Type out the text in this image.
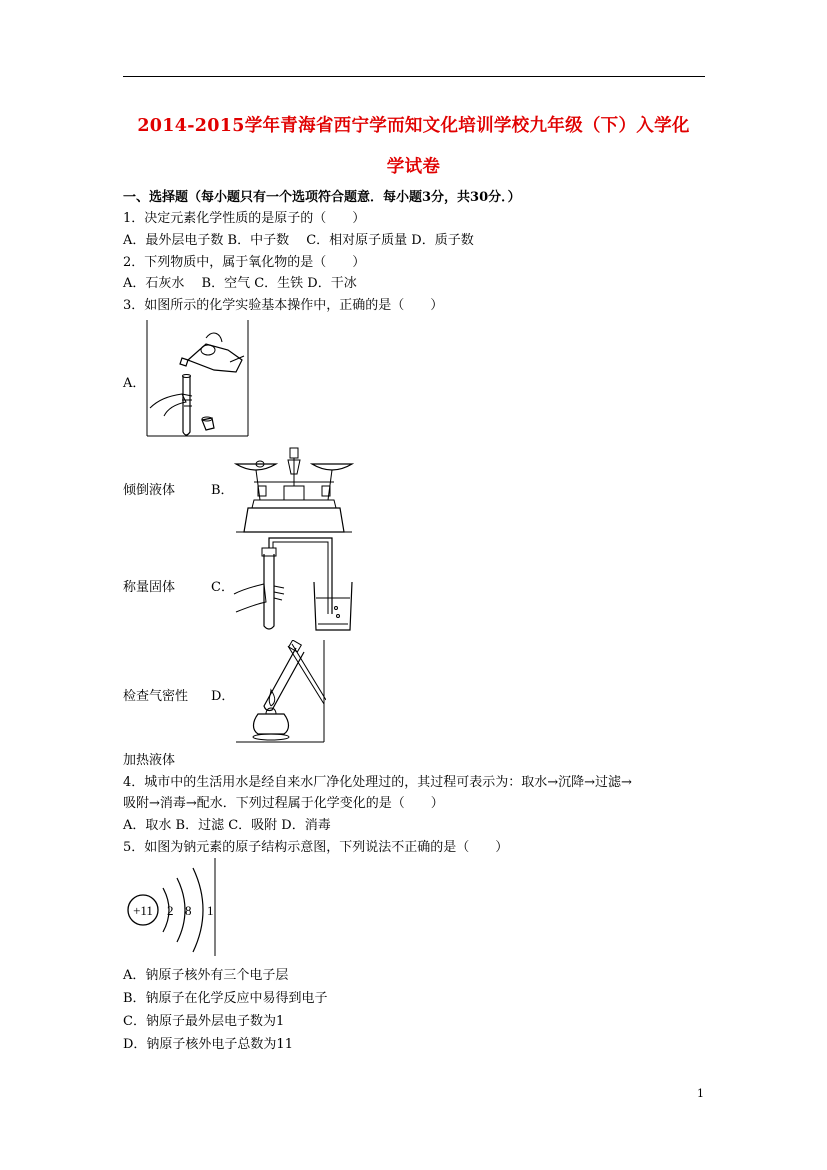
2014-2015学年青海省西宁学而知文化培训学校九年级（下）入学化
学试卷
一、选择题（每小题只有一个选项符合题意．每小题3分，共30分．）
1．决定元素化学性质的是原子的（　　）
A．最外层电子数 B．中子数　 C．相对原子质量 D．质子数
2．下列物质中，属于氧化物的是（　　）
A．石灰水　 B．空气 C．生铁 D．干冰
3．如图所示的化学实验基本操作中，正确的是（　　）
A．
倾倒液体	B．
称量固体	C．
检查气密性 D．
加热液体
4．城市中的生活用水是经自来水厂净化处理过的，其过程可表示为：取水→沉降→过滤→
吸附→消毒→配水．下列过程属于化学变化的是（　　）
A．取水 B．过滤 C．吸附 D．消毒
5．如图为钠元素的原子结构示意图，下列说法不正确的是（　　）
+11 2 8 1
A．钠原子核外有三个电子层
B．钠原子在化学反应中易得到电子
C．钠原子最外层电子数为1
D．钠原子核外电子总数为11
1
